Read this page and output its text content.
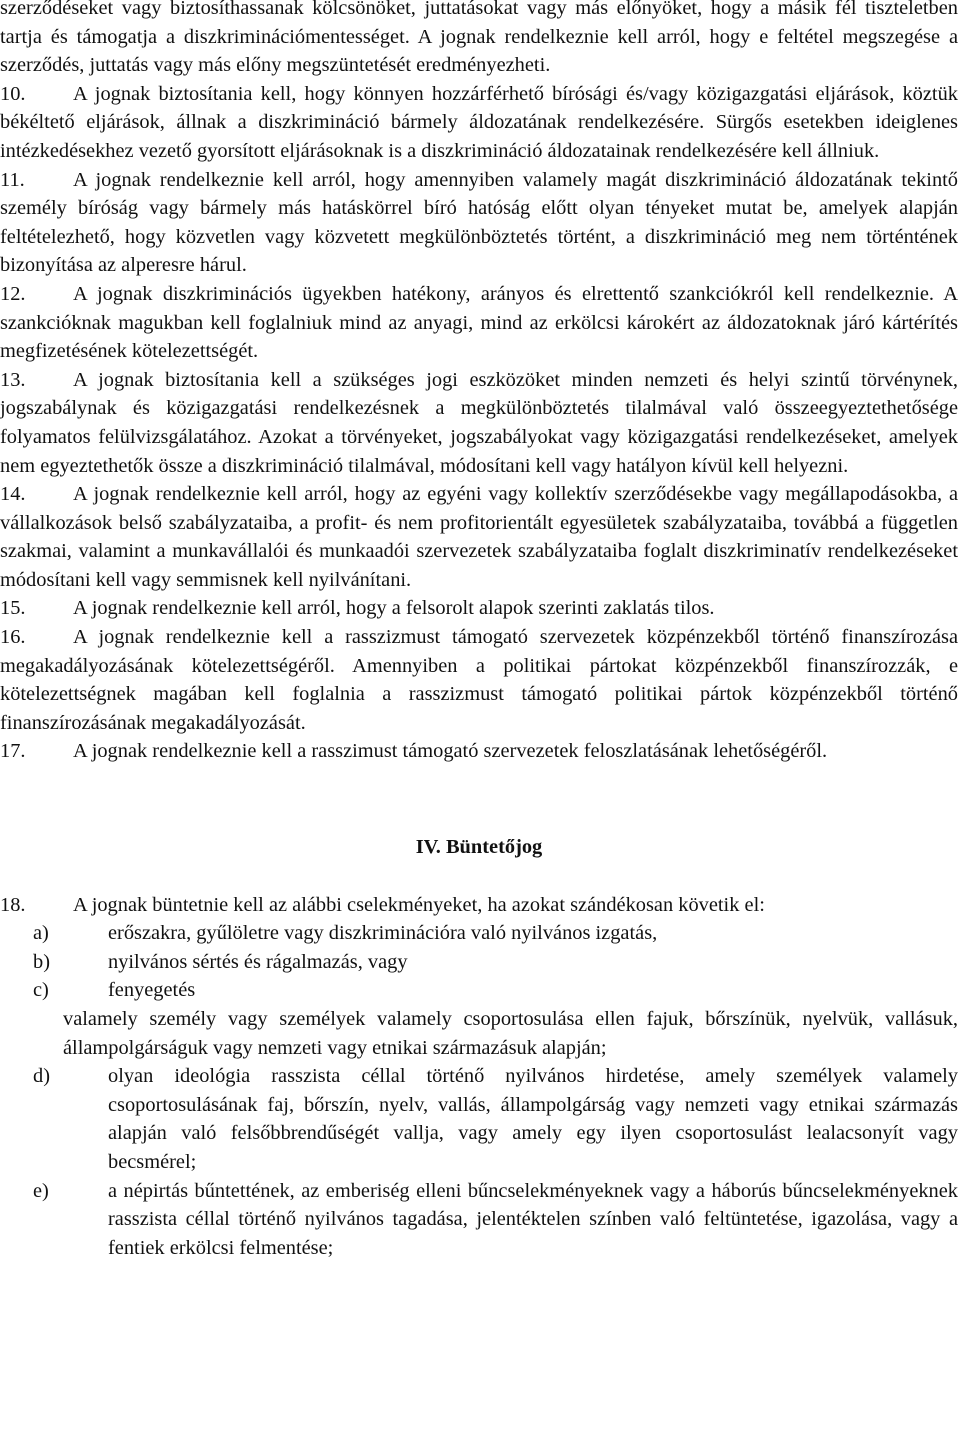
szerződéseket vagy biztosíthassanak kölcsönöket, juttatásokat vagy más előnyöket, hogy a másik fél tiszteletben tartja és támogatja a diszkriminációmentességet. A jognak rendelkeznie kell arról, hogy e feltétel megszegése a szerződés, juttatás vagy más előny megszüntetését eredményezheti.

10. A jognak biztosítania kell, hogy könnyen hozzárférhető bírósági és/vagy közigazgatási eljárások, köztük békéltető eljárások, állnak a diszkrimináció bármely áldozatának rendelkezésére. Sürgős esetekben ideiglenes intézkedésekhez vezető gyorsított eljárásoknak is a diszkrimináció áldozatainak rendelkezésére kell állniuk.

11. A jognak rendelkeznie kell arról, hogy amennyiben valamely magát diszkrimináció áldozatának tekintő személy bíróság vagy bármely más hatáskörrel bíró hatóság előtt olyan tényeket mutat be, amelyek alapján feltételezhető, hogy közvetlen vagy közvetett megkülönböztetés történt, a diszkrimináció meg nem történtének bizonyítása az alperesre hárul.

12. A jognak diszkriminációs ügyekben hatékony, arányos és elrettentő szankciókról kell rendelkeznie. A szankcióknak magukban kell foglalniuk mind az anyagi, mind az erkölcsi károkért az áldozatoknak járó kártérítés megfizetésének kötelezettségét.

13. A jognak biztosítania kell a szükséges jogi eszközöket minden nemzeti és helyi szintű törvénynek, jogszabálynak és közigazgatási rendelkezésnek a megkülönböztetés tilalmával való összeegyeztethetősége folyamatos felülvizsgálatához. Azokat a törvényeket, jogszabályokat vagy közigazgatási rendelkezéseket, amelyek nem egyeztethetők össze a diszkrimináció tilalmával, módosítani kell vagy hatályon kívül kell helyezni.

14. A jognak rendelkeznie kell arról, hogy az egyéni vagy kollektív szerződésekbe vagy megállapodásokba, a vállalkozások belső szabályzataiba, a profit- és nem profitorientált egyesületek szabályzataiba, továbbá a független szakmai, valamint a munkavállalói és munkaadói szervezetek szabályzataiba foglalt diszkriminatív rendelkezéseket módosítani kell vagy semmisnek kell nyilvánítani.

15. A jognak rendelkeznie kell arról, hogy a felsorolt alapok szerinti zaklatás tilos.

16. A jognak rendelkeznie kell a rasszizmust támogató szervezetek közpénzekből történő finanszírozása megakadályozásának kötelezettségéről. Amennyiben a politikai pártokat közpénzekből finanszírozzák, e kötelezettségnek magában kell foglalnia a rasszizmust támogató politikai pártok közpénzekből történő finanszírozásának megakadályozását.

17. A jognak rendelkeznie kell a rasszimust támogató szervezetek feloszlatásának lehetőségéről.

IV. Büntetőjog

18. A jognak büntetnie kell az alábbi cselekményeket, ha azokat szándékosan követik el:

a)	erőszakra, gyűlöletre vagy diszkriminációra való nyilvános izgatás,
b)	nyilvános sértés és rágalmazás, vagy
c)	fenyegetés

valamely személy vagy személyek valamely csoportosulása ellen fajuk, bőrszínük, nyelvük, vallásuk, állampolgárságuk vagy nemzeti vagy etnikai származásuk alapján;

d)	olyan ideológia rasszista céllal történő nyilvános hirdetése, amely személyek valamely csoportosulásának faj, bőrszín, nyelv, vallás, állampolgárság vagy nemzeti vagy etnikai származás alapján való felsőbbrendűségét vallja, vagy amely egy ilyen csoportosulást lealacsonyít vagy becsmérel;
e)	a népirtás bűntettének, az emberiség elleni bűncselekményeknek vagy a háborús bűncselekményeknek rasszista céllal történő nyilvános tagadása, jelentéktelen színben való feltüntetése, igazolása, vagy a fentiek erkölcsi felmentése;
